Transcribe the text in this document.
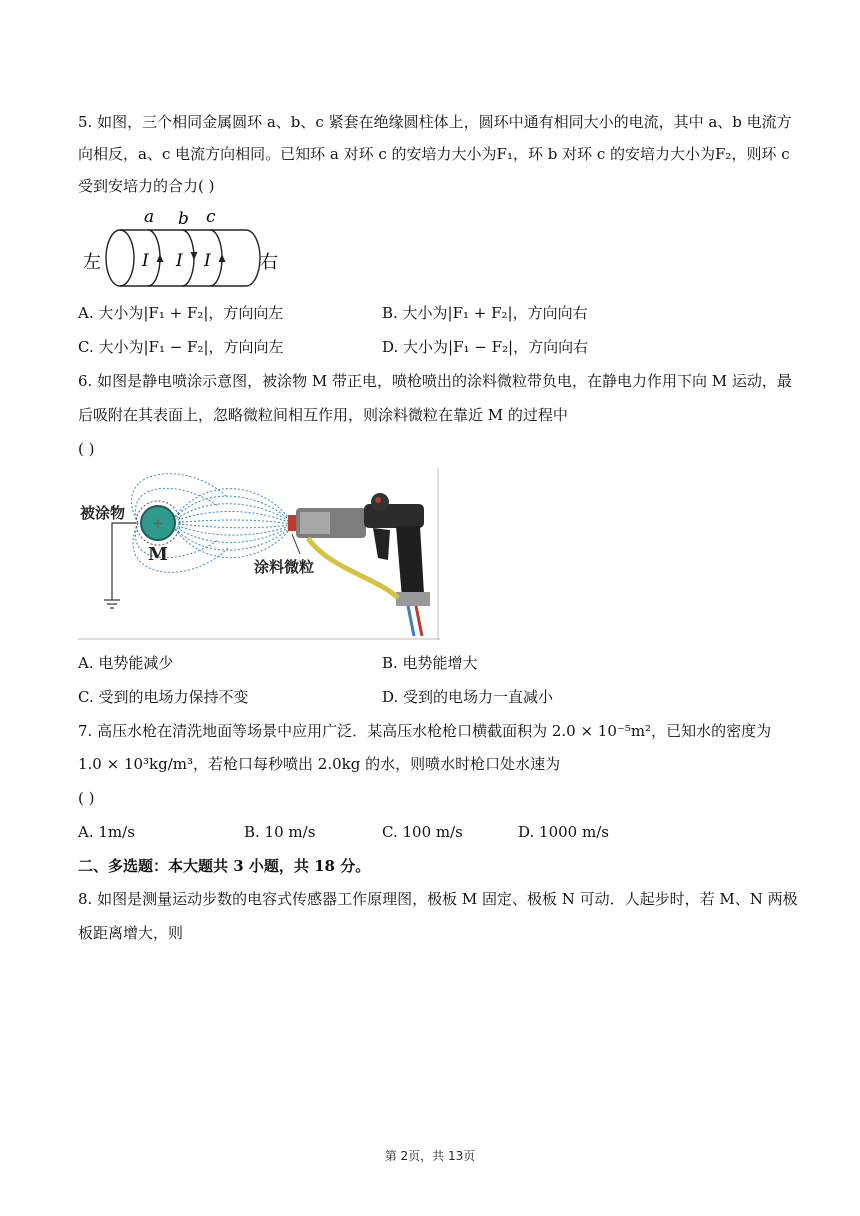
5. 如图，三个相同金属圆环 a、b、c 紧套在绝缘圆柱体上，圆环中通有相同大小的电流，其中 a、b 电流方
向相反，a、c 电流方向相同。已知环 a 对环 c 的安培力大小为F₁，环 b 对环 c 的安培力大小为F₂，则环 c
受到安培力的合力( )
左
a b c
I I I	右
A. 大小为|F₁ + F₂|，方向向左	B. 大小为|F₁ + F₂|，方向向右
C. 大小为|F₁ − F₂|，方向向左	D. 大小为|F₁ − F₂|，方向向右
6. 如图是静电喷涂示意图，被涂物 M 带正电，喷枪喷出的涂料微粒带负电，在静电力作用下向 M 运动，最
后吸附在其表面上，忽略微粒间相互作用，则涂料微粒在靠近 M 的过程中
( )
+
被涂物
M
涂料微粒
A. 电势能减少	B. 电势能增大
C. 受到的电场力保持不变	D. 受到的电场力一直减小
7. 高压水枪在清洗地面等场景中应用广泛．某高压水枪枪口横截面积为 2.0 × 10⁻⁵m²，已知水的密度为
1.0 × 10³kg/m³，若枪口每秒喷出 2.0kg 的水，则喷水时枪口处水速为
( )
A. 1m/s	B. 10 m/s	C. 100 m/s	D. 1000 m/s
二、多选题：本大题共 3 小题，共 18 分。
8. 如图是测量运动步数的电容式传感器工作原理图，极板 M 固定、极板 N 可动．人起步时，若 M、N 两极
板距离增大，则
第 2页，共 13页
